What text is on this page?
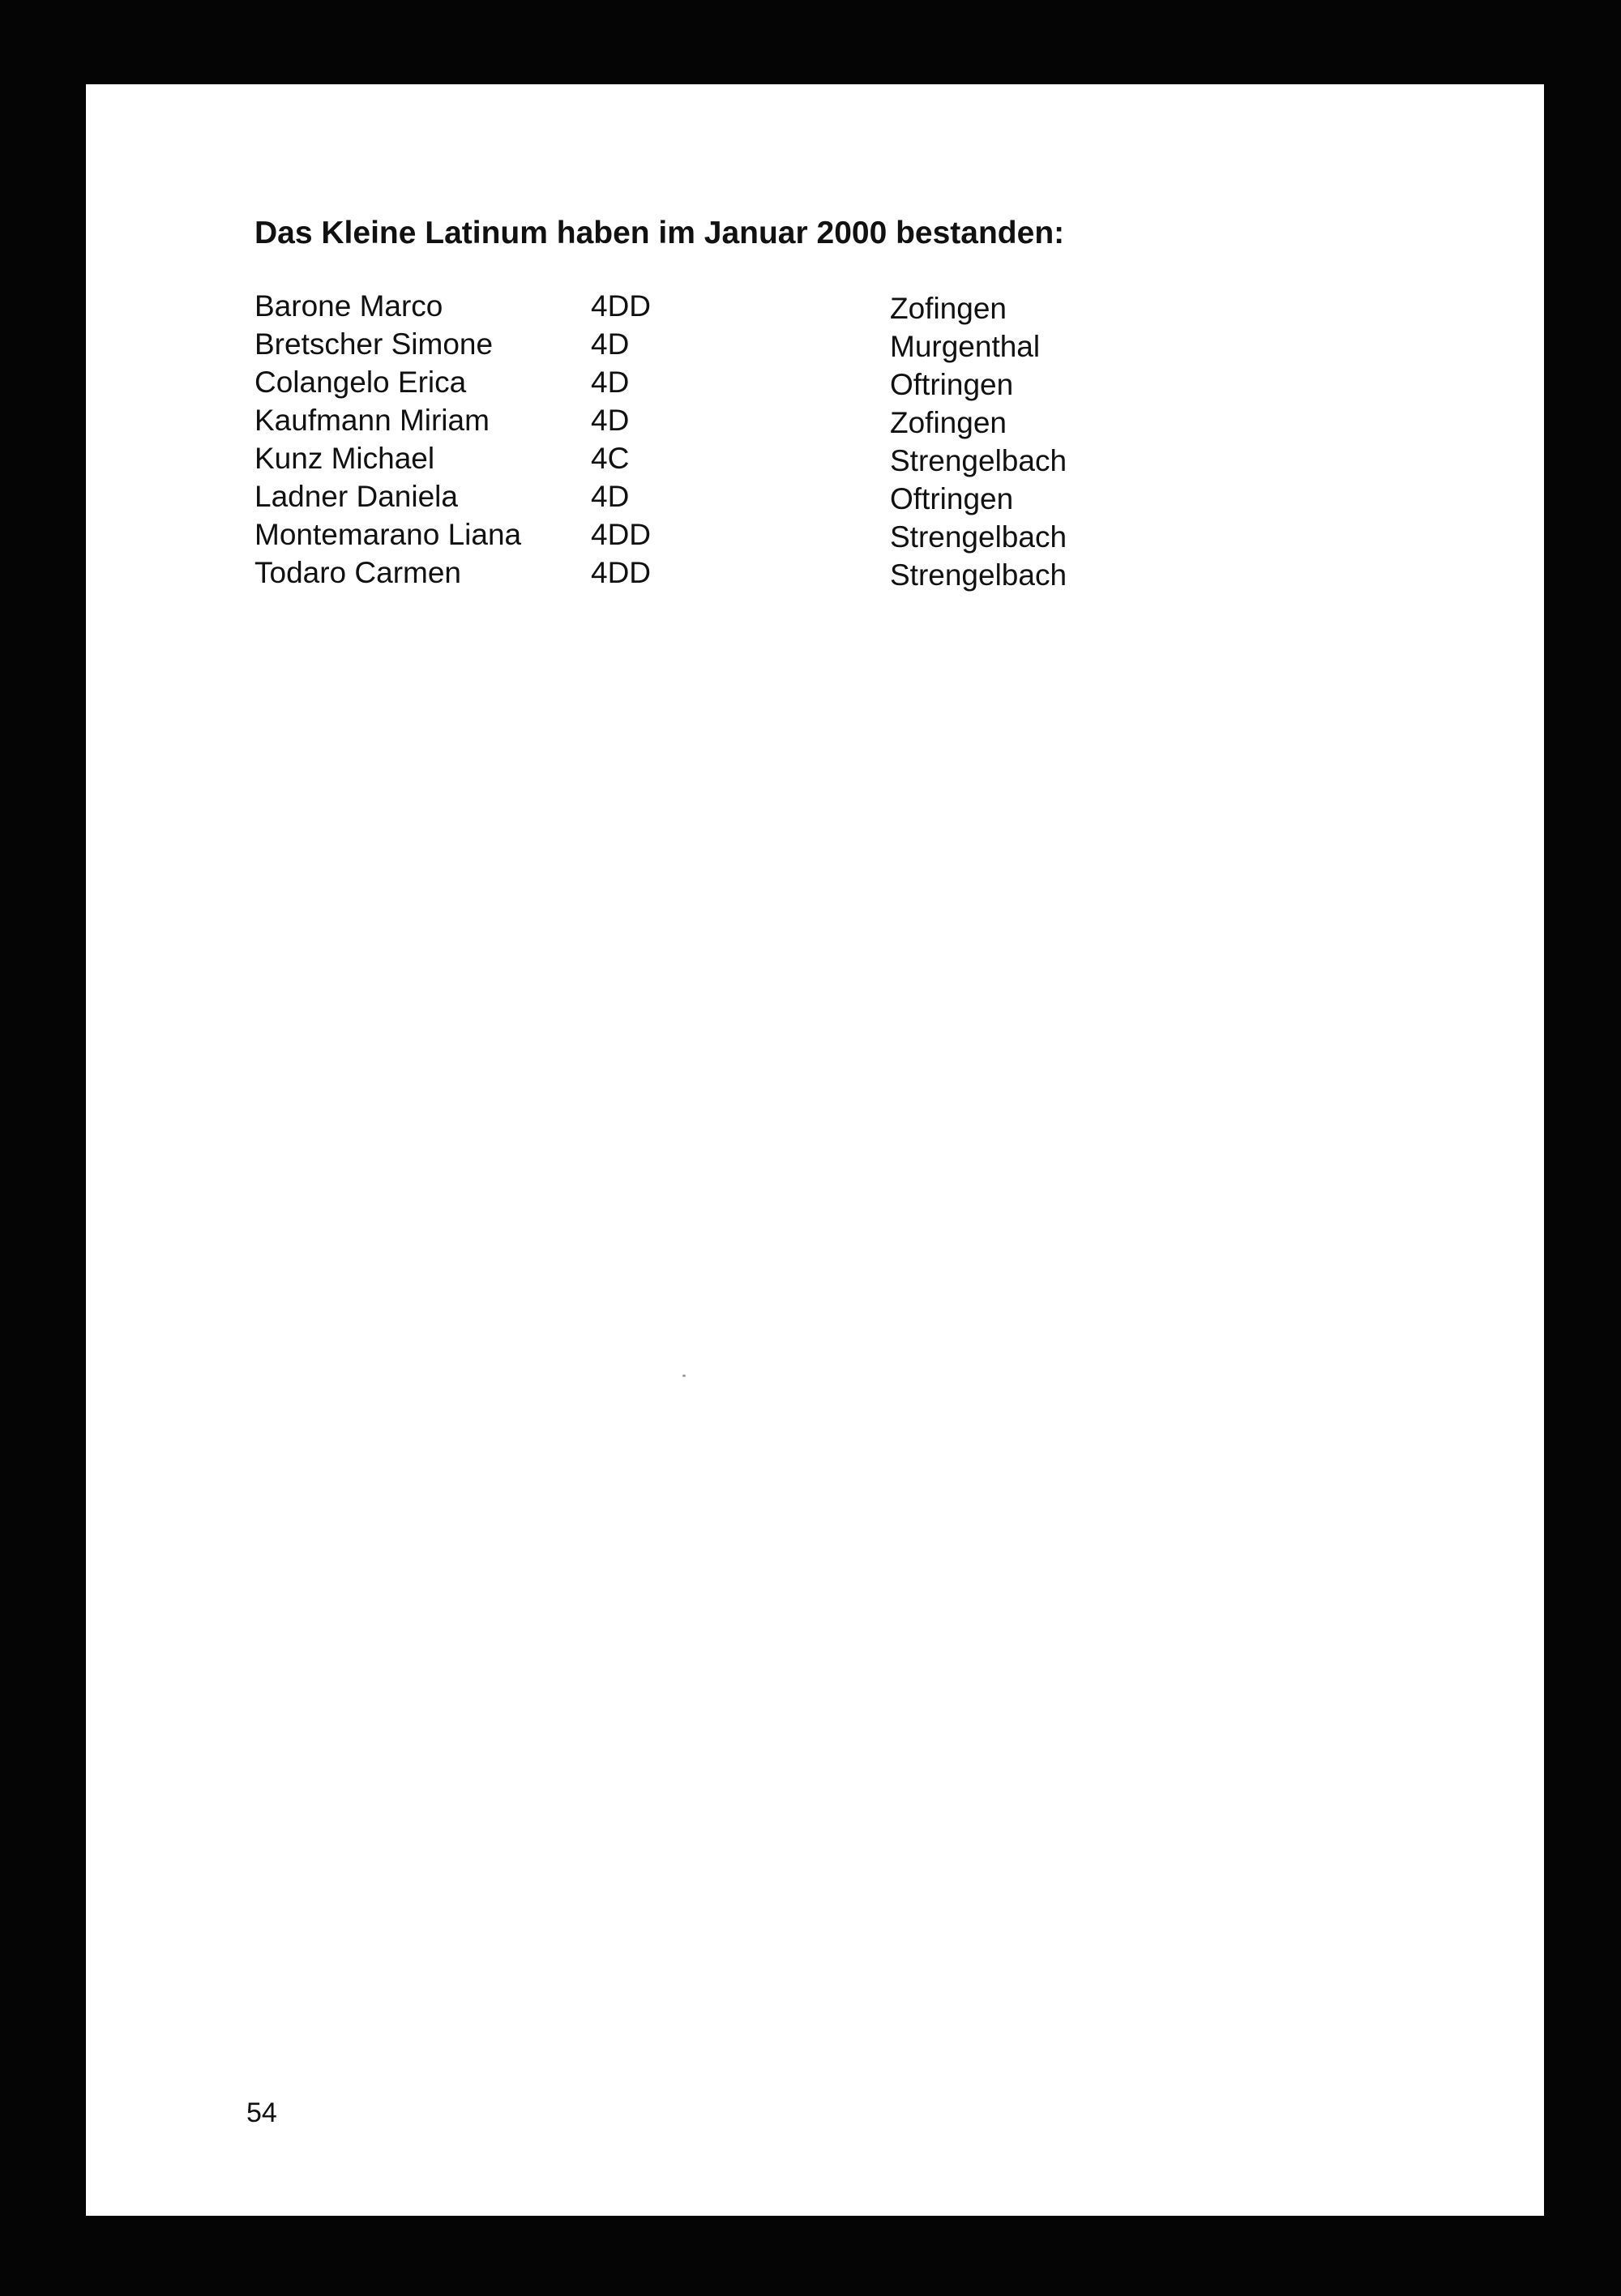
Das Kleine Latinum haben im Januar 2000 bestanden:
Barone Marco	4DD	Zofingen
Bretscher Simone	4D	Murgenthal
Colangelo Erica	4D	Oftringen
Kaufmann Miriam	4D	Zofingen
Kunz Michael	4C	Strengelbach
Ladner Daniela	4D	Oftringen
Montemarano Liana 4DD	Strengelbach
Todaro Carmen	4DD	Strengelbach
54
